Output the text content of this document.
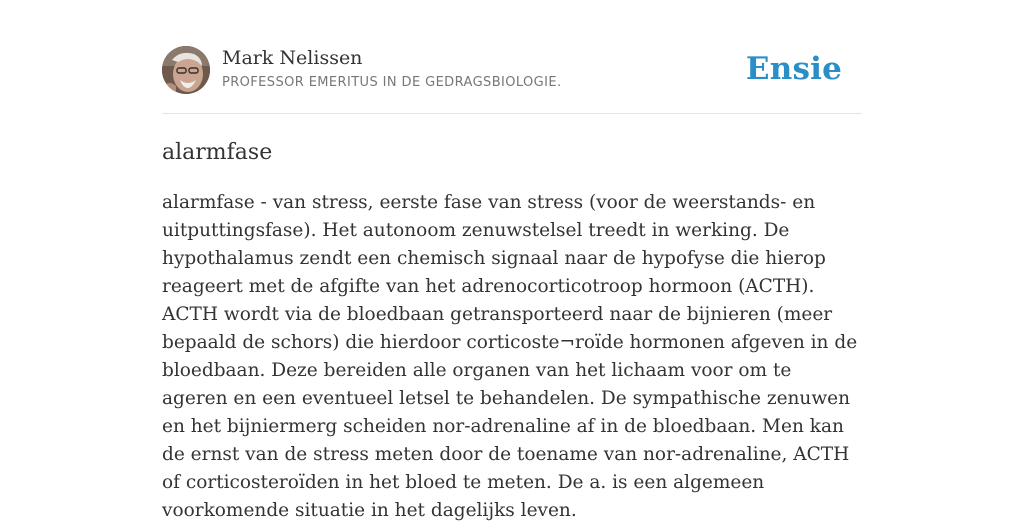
Mark Nelissen
PROFESSOR EMERITUS IN DE GEDRAGSBIOLOGIE.	Ensie
alarmfase

alarmfase - van stress, eerste fase van stress (voor de weerstands- en uitputtingsfase). Het autonoom zenuwstelsel treedt in werking. De hypothalamus zendt een chemisch signaal naar de hypofyse die hierop reageert met de afgifte van het adrenocorticotroop hormoon (ACTH). ACTH wordt via de bloedbaan getransporteerd naar de bijnieren (meer bepaald de schors) die hierdoor corticoste¬roïde hormonen afgeven in de bloedbaan. Deze bereiden alle organen van het lichaam voor om te ageren en een eventueel letsel te behandelen. De sympathische zenuwen en het bijniermerg scheiden nor-adrenaline af in de bloedbaan. Men kan de ernst van de stress meten door de toename van nor-adrenaline, ACTH of corticosteroïden in het bloed te meten. De a. is een algemeen voorkomende situatie in het dagelijks leven.
